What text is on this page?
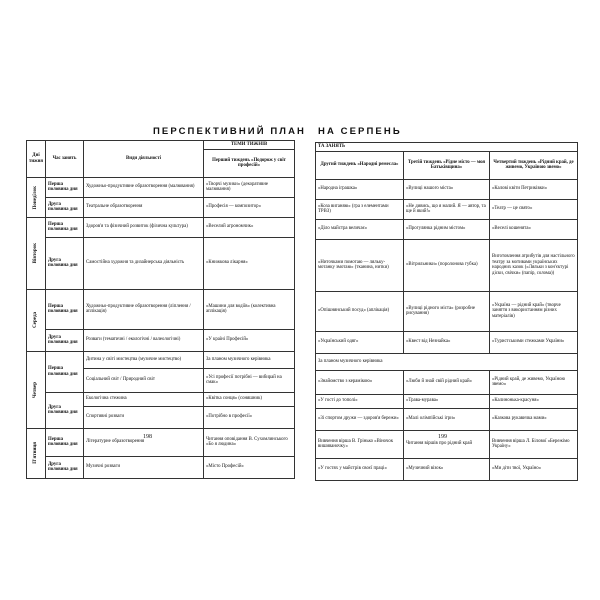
ПЕРСПЕКТИВНИЙ ПЛАН НА СЕРПЕНЬ
Дні тижня	Час занять	Види діяльності	ТЕМИ ТИЖНІВ
			Перший тиждень «Подорож у світ професій»

Понеділок	Перша половина дня	Художньо-продуктивне образотворення (малювання)	«Творчі музики» (декоративне малювання)
	Друга половина дня	Театральне образотворення	«Професія — композитор»

Вівторок	Перша половина дня	Здоров'я та фізичний розвиток (фізична культура)	«Веселий агрономчик»
	Друга половина дня	Самостійна художня та дизайнерська діяльність	«Книжкова лікарня»

Середа	Перша половина дня	Художньо-продуктивне образотворення (ліплення / аплікація)	«Машини для водіїв» (колективна аплікація)
	Друга половина дня	Розваги (тематичні / екологічні / валеологічні)	«У країні Професій»

Четвер	Перша половина дня	Дитина у світі мистецтва (музичне мистецтво)	За планом музичного керівника
		Соціальний світ / Природний світ	«Усі професії потрібні — вибирай на смак»
	Друга половина дня	Екологічна стежина	«Квітка сонця» (соняшник)
		Спортивні розваги	«Потрібно в професії»

П'ятниця	Перша половина дня	Літературне образотворення	Читання оповідання В. Сухомлинського «Бо я людина»
	Друга половина дня	Музичні розваги	«Місто Професій»
ТА ЗАНЯТЬ		
Другий тиждень «Народні ремесла»	Третій тиждень «Рідне місто — моя Батьківщина»	Четвертий тиждень «Рідний край, де живемо, Україною звемо»
«Народна іграшка»	«Вулиці нашого міста»	«Калові квіти Петриківки»
«Коза виганяю» (гра з елементами ТРВЗ)	«Не дивись, що я малий. Я — автор, та ще й який!»	«Театр — це свято»
«Діло майстра величає»	«Прогулянка рідним містом»	«Веселі кошенята»
«Ниточками помотаю — ляльку-мотанку змотаю» (тканина, нитки)	«Вітрильники» (поролонова губка)	Виготовлення атрибутів для настільного театру за мотивами українських народних казок («Ляльки з кон'єктурі діски, свічки» (папір, солома))
«Опішнянський посуд» (аплікація)	«Вулиці рідного міста» (розробне рисування)	«Україна — рідний край» (творче заняття з використанням різних матеріалів)
«Український одяг»	«Квест від Незнайка»	«Туристськими стежками України»
За планом музичного керівника		
«Знайомство з керамікою»	«Люби й знай свій рідний край»	«Рідний край, де живемо, Україною звемо»
«У гості до тополі»	«Трава-мурава»	«Калинонька-красуня»
«Зі спортом дружи — здоров'я бережи»	«Малі олімпійські ігри»	«Казкова рукавичка мами»
Вивчення вірша В. Грінько «Віночок вишиваночку»	Читання віршів про рідний край	Вивчення вірша Л. Білової «Бережімо Україну»
«У гостях у майстрів своєї праці»	«Музичний візок»	«Ми діти твої, Україно»
198	199
